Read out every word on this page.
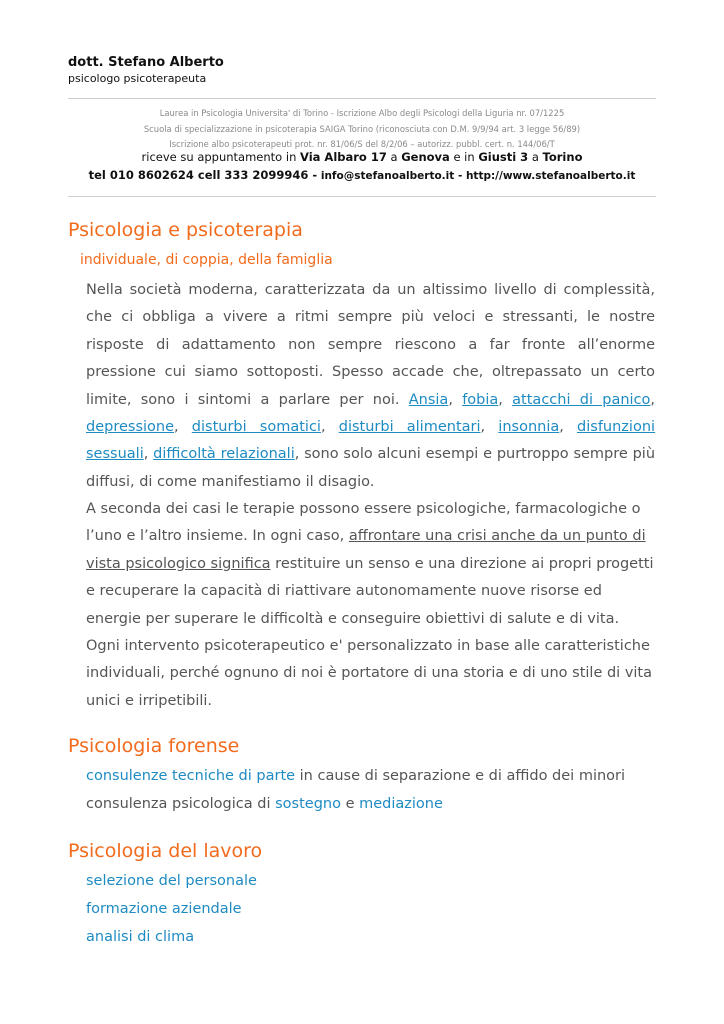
dott. Stefano Alberto
psicologo psicoterapeuta
Laurea in Psicologia Universita' di Torino - Iscrizione Albo degli Psicologi della Liguria nr. 07/1225
Scuola di specializzazione in psicoterapia SAIGA Torino (riconosciuta con D.M. 9/9/94 art. 3 legge 56/89)
Iscrizione albo psicoterapeuti prot. nr. 81/06/S del 8/2/06 – autorizz. pubbl. cert. n. 144/06/T
riceve su appuntamento in Via Albaro 17 a Genova e in Giusti 3 a Torino
tel 010 8602624 cell 333 2099946 - info@stefanoalberto.it - http://www.stefanoalberto.it
Psicologia e psicoterapia
individuale, di coppia, della famiglia
Nella società moderna, caratterizzata da un altissimo livello di complessità, che ci obbliga a vivere a ritmi sempre più veloci e stressanti, le nostre risposte di adattamento non sempre riescono a far fronte all’enorme pressione cui siamo sottoposti. Spesso accade che, oltrepassato un certo limite, sono i sintomi a parlare per noi. Ansia, fobia, attacchi di panico, depressione, disturbi somatici, disturbi alimentari, insonnia, disfunzioni sessuali, difficoltà relazionali, sono solo alcuni esempi e purtroppo sempre più diffusi, di come manifestiamo il disagio.
A seconda dei casi le terapie possono essere psicologiche, farmacologiche o l’uno e l’altro insieme. In ogni caso, affrontare una crisi anche da un punto di vista psicologico significa restituire un senso e una direzione ai propri progetti e recuperare la capacità di riattivare autonomamente nuove risorse ed energie per superare le difficoltà e conseguire obiettivi di salute e di vita. Ogni intervento psicoterapeutico e' personalizzato in base alle caratteristiche individuali, perché ognuno di noi è portatore di una storia e di uno stile di vita unici e irripetibili.
Psicologia forense
consulenze tecniche di parte in cause di separazione e di affido dei minori
consulenza psicologica di sostegno e mediazione
Psicologia del lavoro
selezione del personale
formazione aziendale
analisi di clima
